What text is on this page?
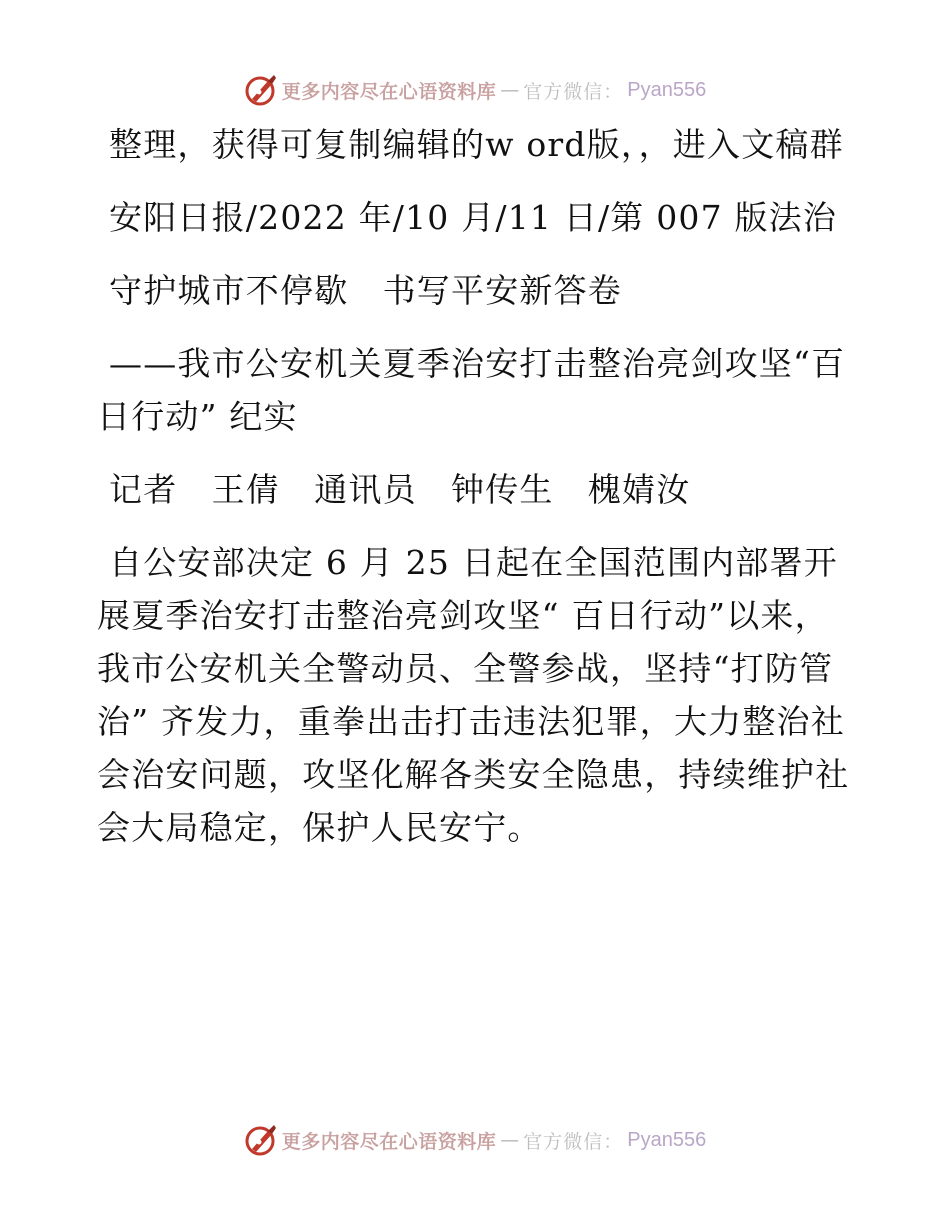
更多内容尽在心语资料库 — 官方微信： Pyan556

整理，获得可复制编辑的w ord版，，进入文稿群

安阳日报/2022 年/10 月/11 日/第 007 版法治

守护城市不停歇　书写平安新答卷

——我市公安机关夏季治安打击整治亮剑攻坚“百日行动” 纪实

记者　王倩　通讯员　钟传生　槐婧汝

自公安部决定 6 月 25 日起在全国范围内部署开展夏季治安打击整治亮剑攻坚“ 百日行动”以来，我市公安机关全警动员、全警参战，坚持“打防管治” 齐发力，重拳出击打击违法犯罪，大力整治社会治安问题，攻坚化解各类安全隐患，持续维护社会大局稳定，保护人民安宁。

更多内容尽在心语资料库 — 官方微信： Pyan556
